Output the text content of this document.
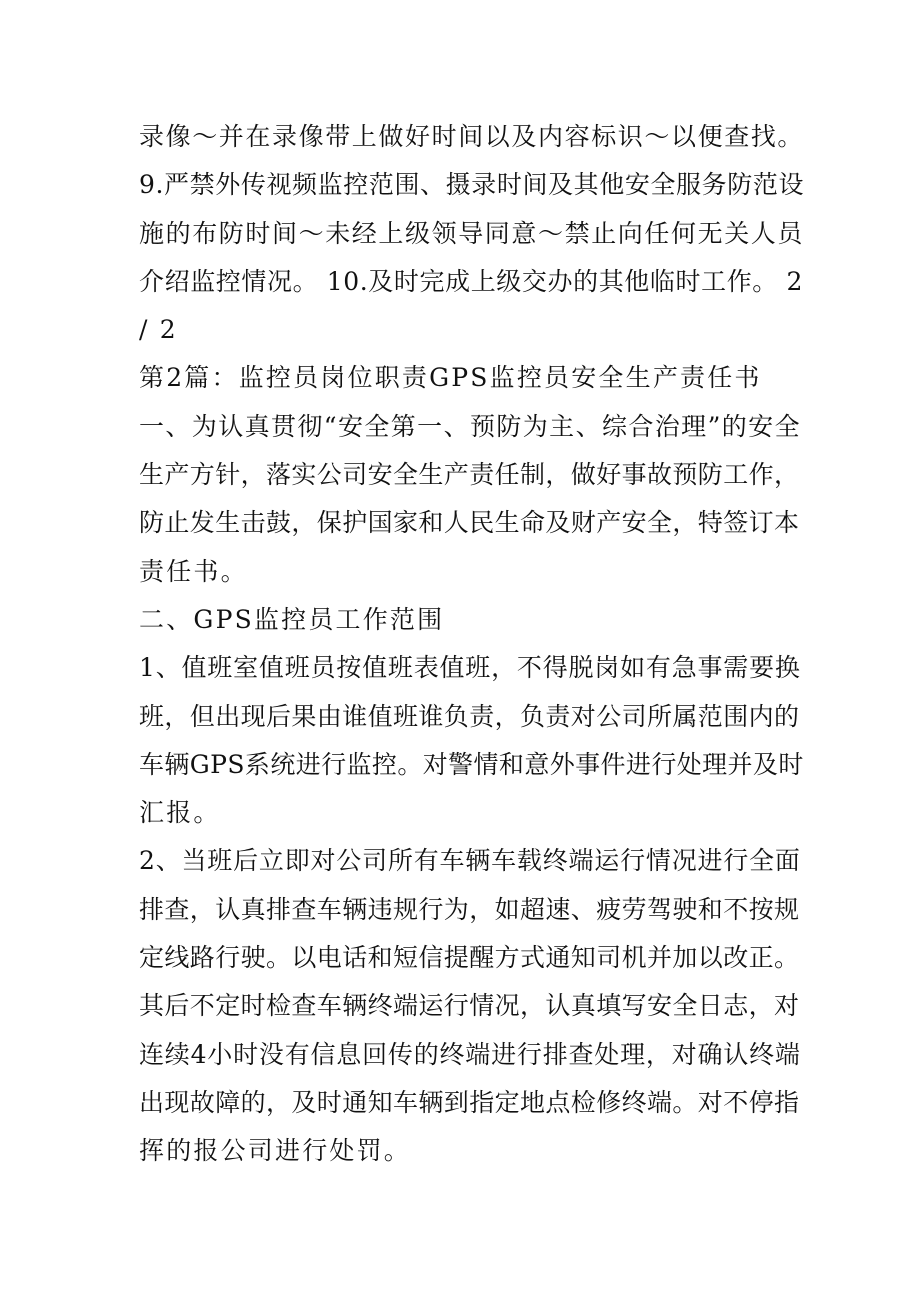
录像～并在录像带上做好时间以及内容标识～以便查找。
9.严禁外传视频监控范围、摄录时间及其他安全服务防范设
施的布防时间～未经上级领导同意～禁止向任何无关人员
介绍监控情况。 10.及时完成上级交办的其他临时工作。 2
/ 2
第2篇：监控员岗位职责GPS监控员安全生产责任书
一、为认真贯彻“安全第一、预防为主、综合治理”的安全
生产方针，落实公司安全生产责任制，做好事故预防工作，
防止发生击鼓，保护国家和人民生命及财产安全，特签订本
责任书。
二、GPS监控员工作范围
1、值班室值班员按值班表值班，不得脱岗如有急事需要换
班，但出现后果由谁值班谁负责，负责对公司所属范围内的
车辆GPS系统进行监控。对警情和意外事件进行处理并及时
汇报。
2、当班后立即对公司所有车辆车载终端运行情况进行全面
排查，认真排查车辆违规行为，如超速、疲劳驾驶和不按规
定线路行驶。以电话和短信提醒方式通知司机并加以改正。
其后不定时检查车辆终端运行情况，认真填写安全日志，对
连续4小时没有信息回传的终端进行排查处理，对确认终端
出现故障的，及时通知车辆到指定地点检修终端。对不停指
挥的报公司进行处罚。
